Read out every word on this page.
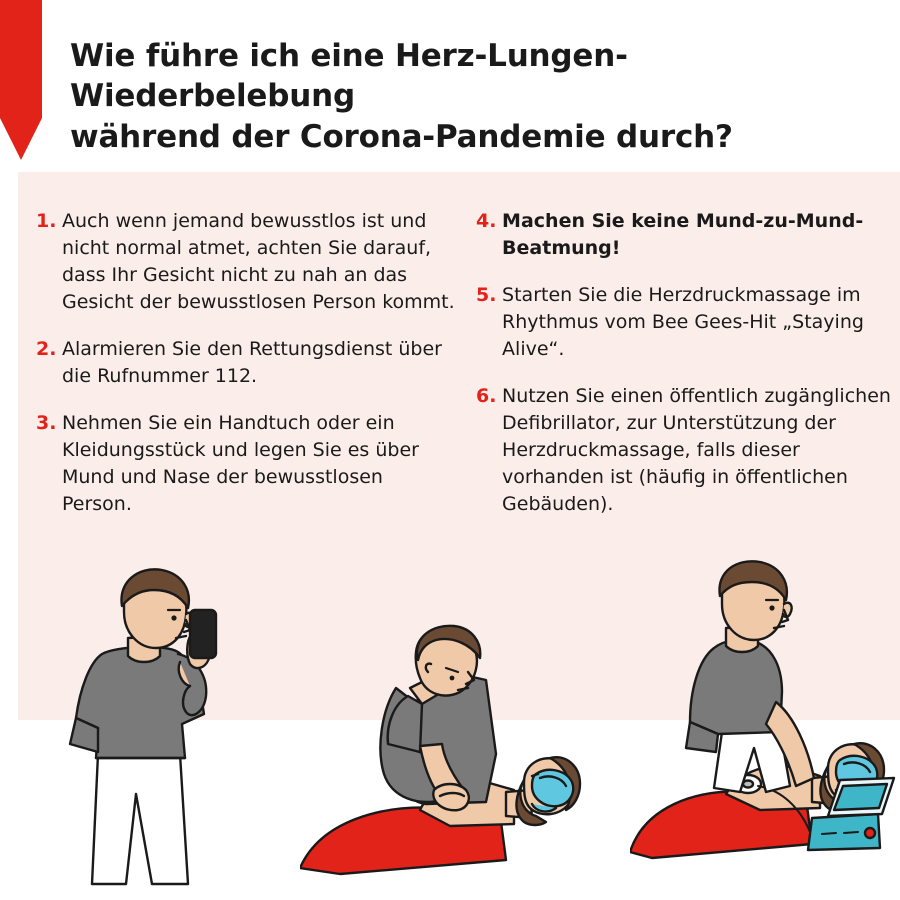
Wie führe ich eine Herz-Lungen-Wiederbelebung
während der Corona-Pandemie durch?
1. Auch wenn jemand bewusstlos ist und nicht normal atmet, achten Sie darauf, dass Ihr Gesicht nicht zu nah an das Gesicht der bewusstlosen Person kommt.
2. Alarmieren Sie den Rettungsdienst über die Rufnummer 112.
3. Nehmen Sie ein Handtuch oder ein Kleidungsstück und legen Sie es über Mund und Nase der bewusstlosen Person.
4. Machen Sie keine Mund-zu-Mund-Beatmung!
5. Starten Sie die Herzdruckmassage im Rhythmus vom Bee Gees-Hit „Staying Alive“.
6. Nutzen Sie einen öffentlich zugänglichen Defibrillator, zur Unterstützung der Herzdruckmassage, falls dieser vorhanden ist (häufig in öffentlichen Gebäuden).
